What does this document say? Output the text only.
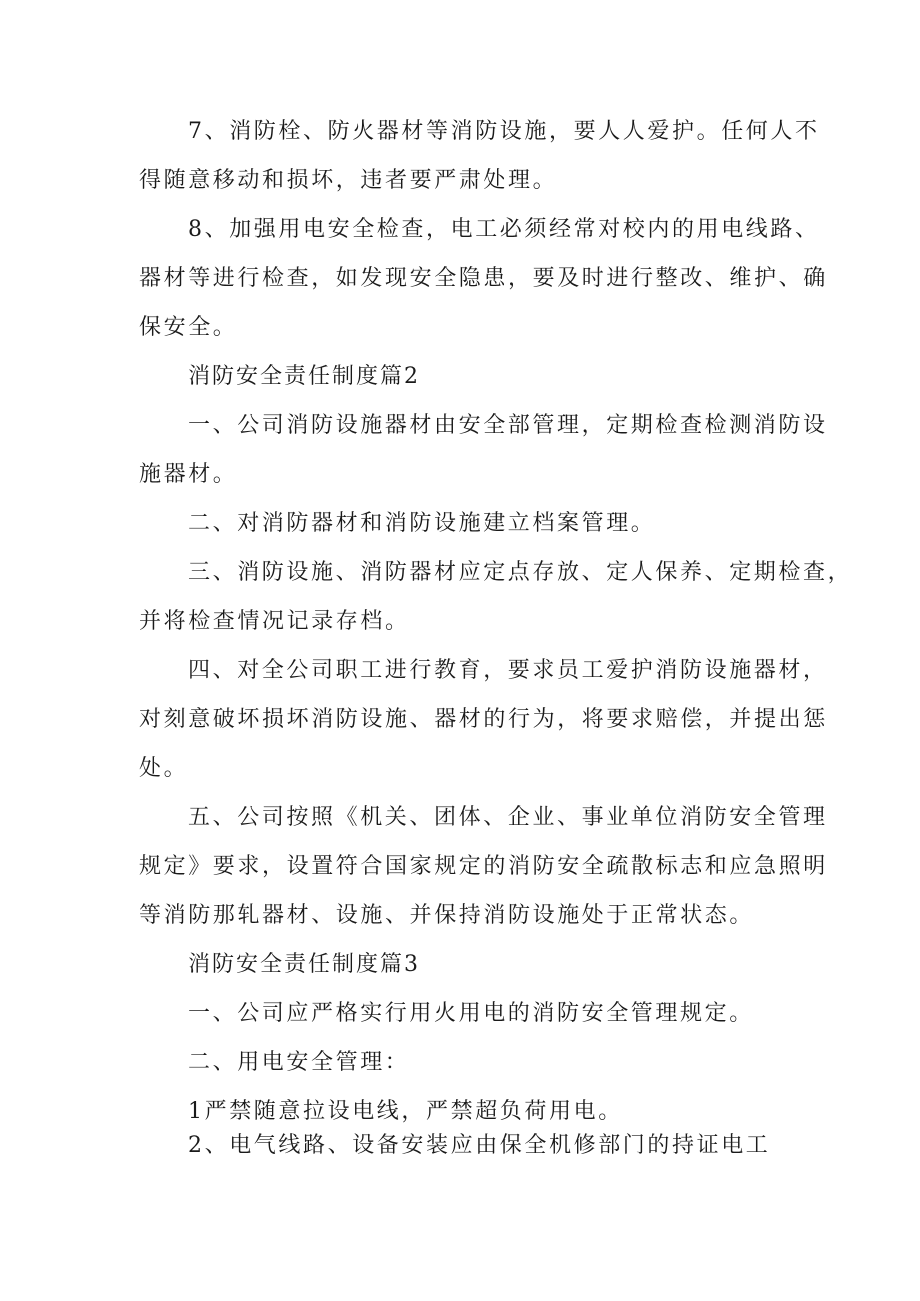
7、消防栓、防火器材等消防设施，要人人爱护。任何人不

得随意移动和损坏，违者要严肃处理。

8、加强用电安全检查，电工必须经常对校内的用电线路、

器材等进行检查，如发现安全隐患，要及时进行整改、维护、确

保安全。

消防安全责任制度篇2

一、公司消防设施器材由安全部管理，定期检查检测消防设

施器材。

二、对消防器材和消防设施建立档案管理。

三、消防设施、消防器材应定点存放、定人保养、定期检查，

并将检查情况记录存档。

四、对全公司职工进行教育，要求员工爱护消防设施器材，

对刻意破坏损坏消防设施、器材的行为，将要求赔偿，并提出惩

处。

五、公司按照《机关、团体、企业、事业单位消防安全管理

规定》要求，设置符合国家规定的消防安全疏散标志和应急照明

等消防那轧器材、设施、并保持消防设施处于正常状态。

消防安全责任制度篇3

一、公司应严格实行用火用电的消防安全管理规定。

二、用电安全管理：

1严禁随意拉设电线，严禁超负荷用电。

2、电气线路、设备安装应由保全机修部门的持证电工
